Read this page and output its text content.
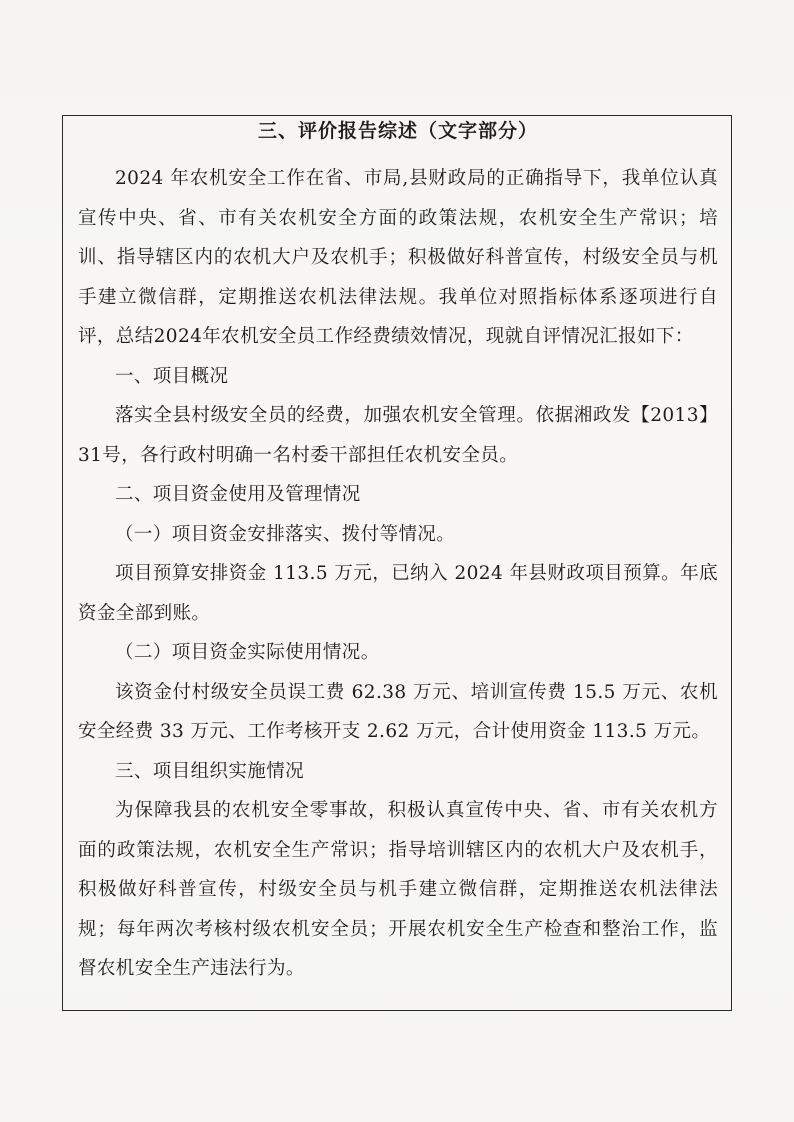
三、评价报告综述（文字部分）

2024 年农机安全工作在省、市局,县财政局的正确指导下，我单位认真宣传中央、省、市有关农机安全方面的政策法规，农机安全生产常识；培训、指导辖区内的农机大户及农机手；积极做好科普宣传，村级安全员与机手建立微信群，定期推送农机法律法规。我单位对照指标体系逐项进行自评，总结2024年农机安全员工作经费绩效情况，现就自评情况汇报如下：

一、项目概况

落实全县村级安全员的经费，加强农机安全管理。依据湘政发【2013】31号，各行政村明确一名村委干部担任农机安全员。

二、项目资金使用及管理情况

（一）项目资金安排落实、拨付等情况。

项目预算安排资金 113.5 万元，已纳入 2024 年县财政项目预算。年底资金全部到账。

（二）项目资金实际使用情况。

该资金付村级安全员误工费 62.38 万元、培训宣传费 15.5 万元、农机安全经费 33 万元、工作考核开支 2.62 万元，合计使用资金 113.5 万元。

三、项目组织实施情况

为保障我县的农机安全零事故，积极认真宣传中央、省、市有关农机方面的政策法规，农机安全生产常识；指导培训辖区内的农机大户及农机手，积极做好科普宣传，村级安全员与机手建立微信群，定期推送农机法律法规；每年两次考核村级农机安全员；开展农机安全生产检查和整治工作，监督农机安全生产违法行为。
